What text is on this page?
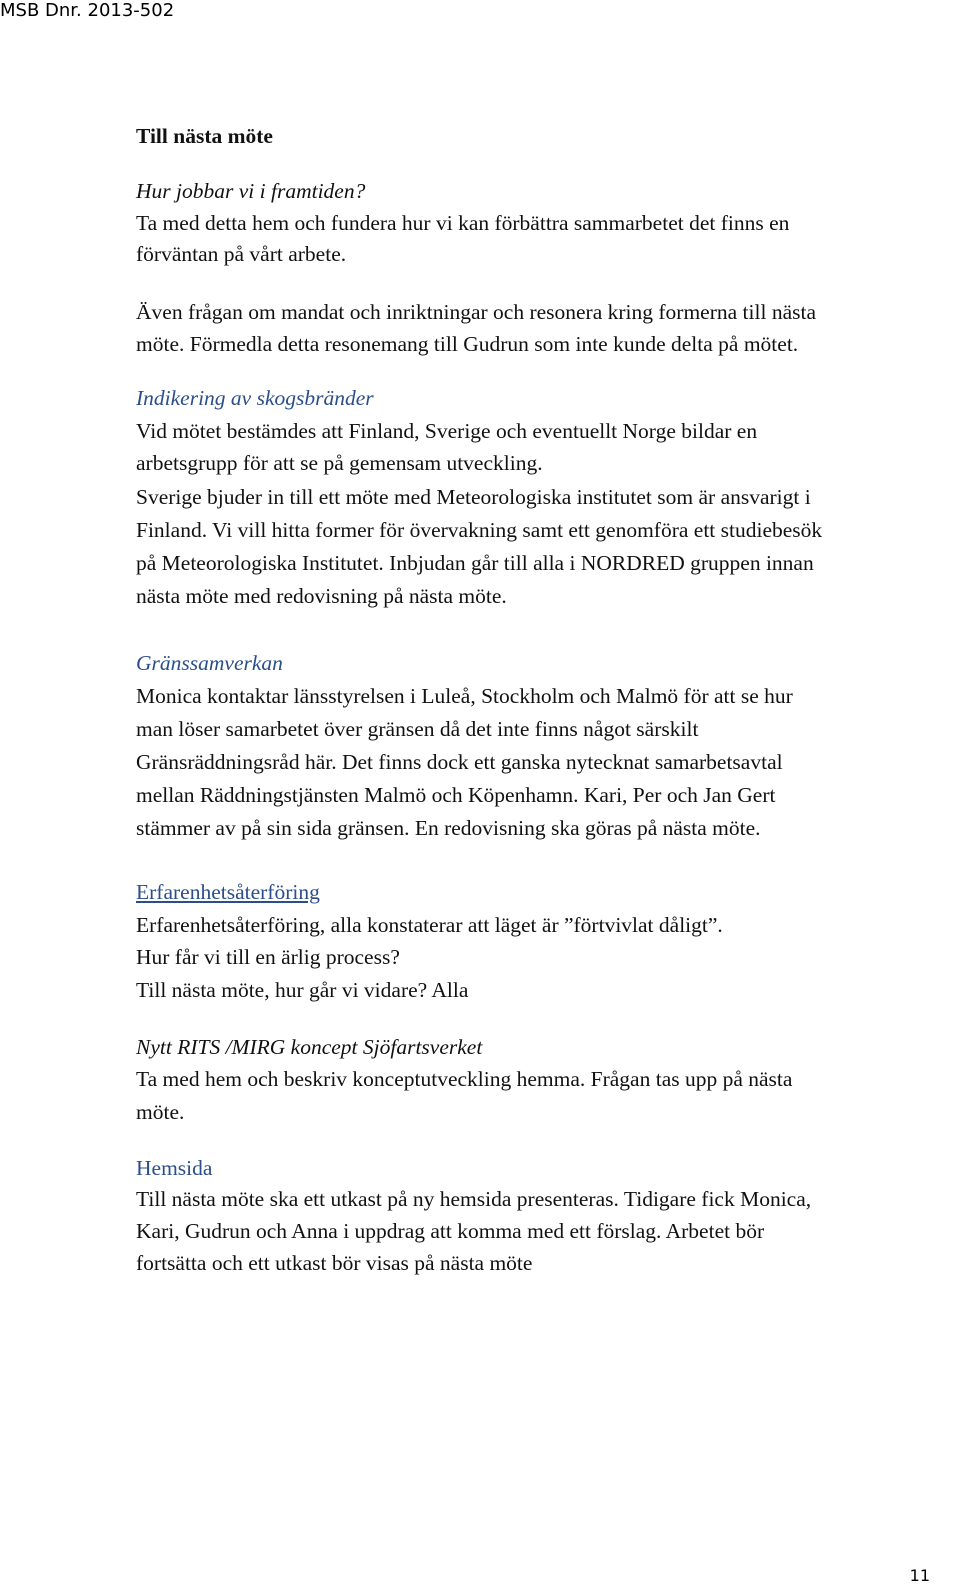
MSB Dnr. 2013-502
Till nästa möte
Hur jobbar vi i framtiden?
Ta med detta hem och fundera hur vi kan förbättra sammarbetet det finns en
förväntan på vårt arbete.
Även frågan om mandat och inriktningar och resonera kring formerna till nästa
möte. Förmedla detta resonemang till Gudrun som inte kunde delta på mötet.
Indikering av skogsbränder
Vid mötet bestämdes att Finland, Sverige och eventuellt Norge bildar en
arbetsgrupp för att se på gemensam utveckling.
Sverige bjuder in till ett möte med Meteorologiska institutet som är ansvarigt i
Finland. Vi vill hitta former för övervakning samt ett genomföra ett studiebesök
på Meteorologiska Institutet. Inbjudan går till alla i NORDRED gruppen innan
nästa möte med redovisning på nästa möte.
Gränssamverkan
Monica kontaktar länsstyrelsen i Luleå, Stockholm och Malmö för att se hur
man löser samarbetet över gränsen då det inte finns något särskilt
Gränsräddningsråd här. Det finns dock ett ganska nytecknat samarbetsavtal
mellan Räddningstjänsten Malmö och Köpenhamn. Kari, Per och Jan Gert
stämmer av på sin sida gränsen. En redovisning ska göras på nästa möte.
Erfarenhetsåterföring
Erfarenhetsåterföring, alla konstaterar att läget är ”förtvivlat dåligt”.
Hur får vi till en ärlig process?
Till nästa möte, hur går vi vidare? Alla
Nytt RITS /MIRG koncept Sjöfartsverket
Ta med hem och beskriv konceptutveckling hemma. Frågan tas upp på nästa
möte.
Hemsida
Till nästa möte ska ett utkast på ny hemsida presenteras. Tidigare fick Monica,
Kari, Gudrun och Anna i uppdrag att komma med ett förslag. Arbetet bör
fortsätta och ett utkast bör visas på nästa möte
11
